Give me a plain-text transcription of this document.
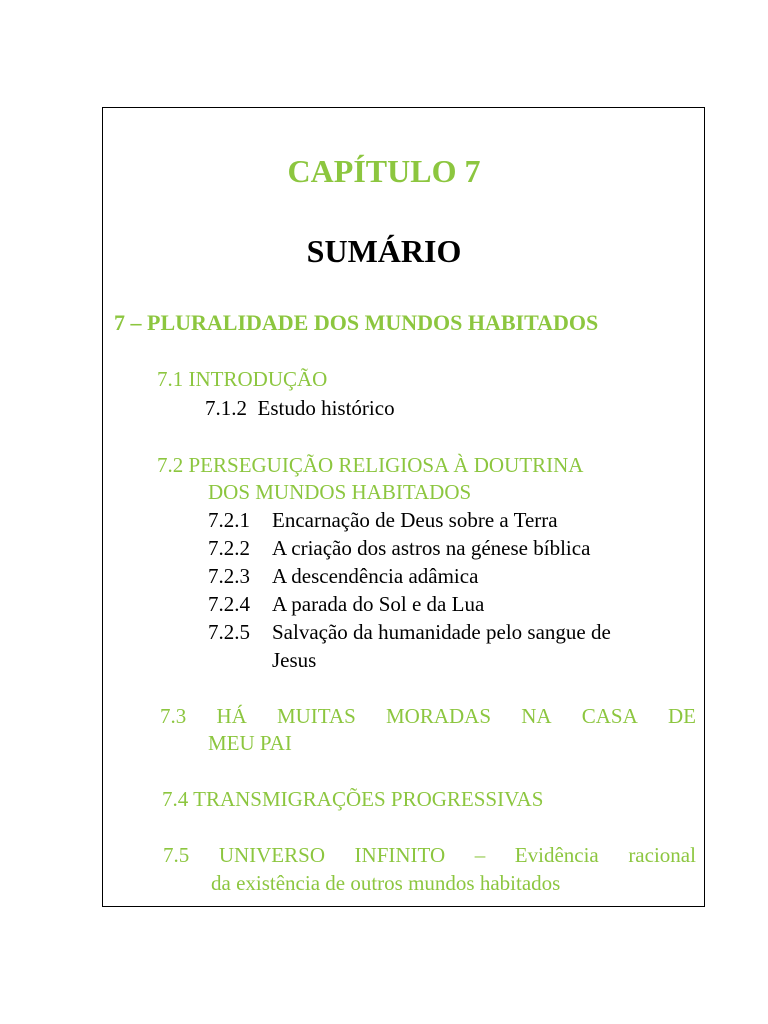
CAPÍTULO 7
SUMÁRIO
7 – PLURALIDADE DOS MUNDOS HABITADOS
7.1 INTRODUÇÃO
7.1.2 Estudo histórico
7.2 PERSEGUIÇÃO RELIGIOSA À DOUTRINA
DOS MUNDOS HABITADOS
7.2.1 Encarnação de Deus sobre a Terra
7.2.2 A criação dos astros na génese bíblica
7.2.3 A descendência adâmica
7.2.4 A parada do Sol e da Lua
7.2.5 Salvação da humanidade pelo sangue de
Jesus
7.3 HÁ MUITAS MORADAS NA CASA DE
MEU PAI
7.4 TRANSMIGRAÇÕES PROGRESSIVAS
7.5 UNIVERSO INFINITO – Evidência racional
da existência de outros mundos habitados
